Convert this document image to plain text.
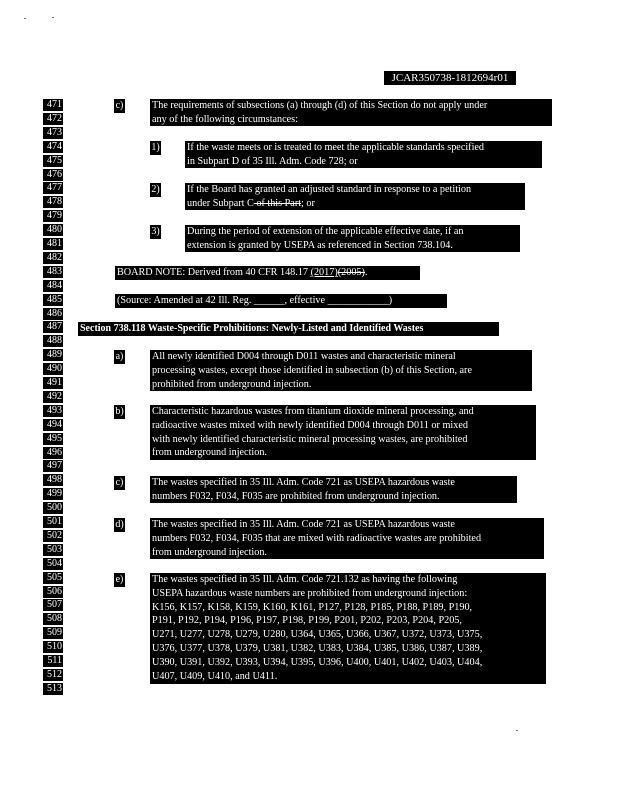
JCAR350738-1812694r01
471
472
473
474
475
476
477
478
479
480
481
482
483
484
485
486
487
488
489
490
491
492
493
494
495
496
497
498
499
500
501
502
503
504
505
506
507
508
509
510
511
512
513
c)	The requirements of subsections (a) through (d) of this Section do not apply under
any of the following circumstances:
1)	If the waste meets or is treated to meet the applicable standards specified
in Subpart D of 35 Ill. Adm. Code 728; or
2)	If the Board has granted an adjusted standard in response to a petition
under Subpart C of this Part; or
3)	During the period of extension of the applicable effective date, if an
extension is granted by USEPA as referenced in Section 738.104.
BOARD NOTE: Derived from 40 CFR 148.17 (2017)(2005).
(Source: Amended at 42 Ill. Reg. ______, effective ____________)
Section 738.118 Waste-Specific Prohibitions: Newly-Listed and Identified Wastes
a)	All newly identified D004 through D011 wastes and characteristic mineral
processing wastes, except those identified in subsection (b) of this Section, are
prohibited from underground injection.
b)	Characteristic hazardous wastes from titanium dioxide mineral processing, and
radioactive wastes mixed with newly identified D004 through D011 or mixed
with newly identified characteristic mineral processing wastes, are prohibited
from underground injection.
c)	The wastes specified in 35 Ill. Adm. Code 721 as USEPA hazardous waste
numbers F032, F034, F035 are prohibited from underground injection.
d)	The wastes specified in 35 Ill. Adm. Code 721 as USEPA hazardous waste
numbers F032, F034, F035 that are mixed with radioactive wastes are prohibited
from underground injection.
e)	The wastes specified in 35 Ill. Adm. Code 721.132 as having the following
USEPA hazardous waste numbers are prohibited from underground injection:
K156, K157, K158, K159, K160, K161, P127, P128, P185, P188, P189, P190,
P191, P192, P194, P196, P197, P198, P199, P201, P202, P203, P204, P205,
U271, U277, U278, U279, U280, U364, U365, U366, U367, U372, U373, U375,
U376, U377, U378, U379, U381, U382, U383, U384, U385, U386, U387, U389,
U390, U391, U392, U393, U394, U395, U396, U400, U401, U402, U403, U404,
U407, U409, U410, and U411.
